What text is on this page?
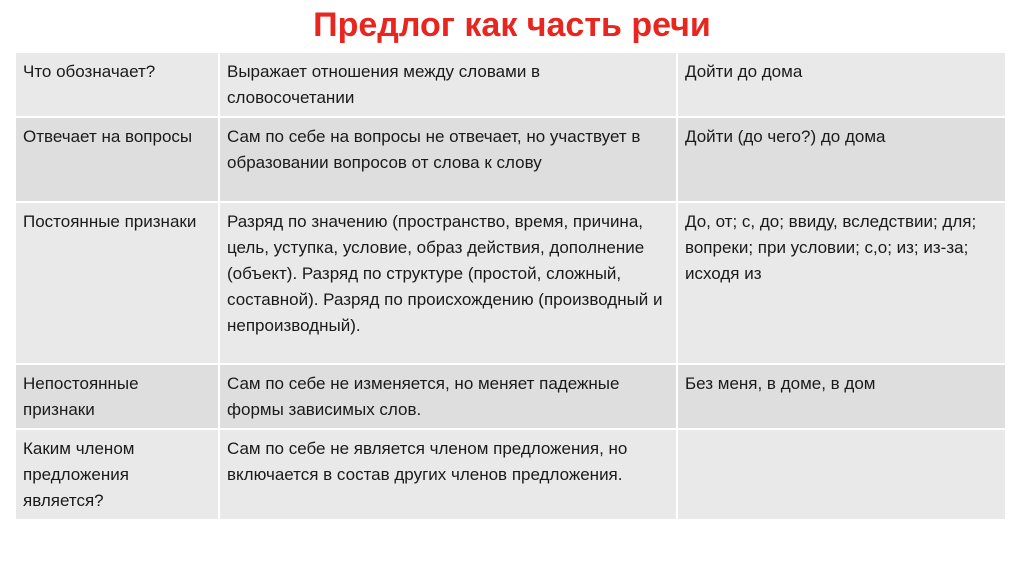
Предлог как часть речи
Что обозначает?	Выражает отношения между словами в словосочетании	Дойти до дома
Отвечает на вопросы	Сам по себе на вопросы не отвечает, но участвует в образовании вопросов от слова к слову	Дойти (до чего?) до дома
Постоянные признаки	Разряд по значению (пространство, время, причина, цель, уступка, условие, образ действия, дополнение (объект). Разряд по структуре (простой, сложный, составной). Разряд по происхождению (производный и непроизводный).	До, от; с, до; ввиду, вследствии; для; вопреки; при условии; с,о; из; из-за; исходя из
Непостоянные признаки	Сам по себе не изменяется, но меняет падежные формы зависимых слов.	Без меня, в доме, в дом
Каким членом предложения является?	Сам по себе не является членом предложения, но включается в состав других членов предложения.	
